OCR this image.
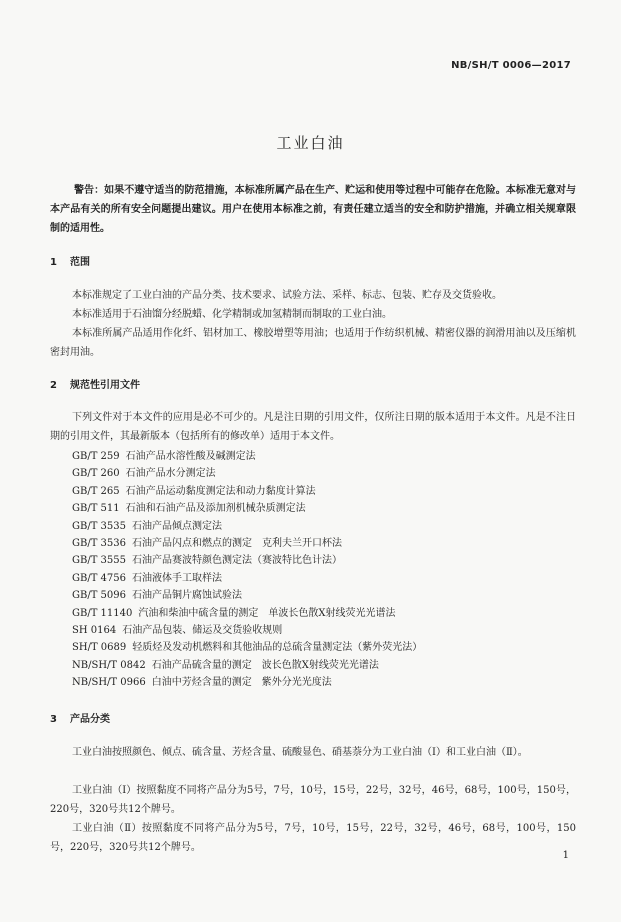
NB/SH/T 0006—2017
工业白油
警告：如果不遵守适当的防范措施，本标准所属产品在生产、贮运和使用等过程中可能存在危险。本标准无意对与本产品有关的所有安全问题提出建议。用户在使用本标准之前，有责任建立适当的安全和防护措施，并确立相关规章限制的适用性。
1 范围
本标准规定了工业白油的产品分类、技术要求、试验方法、采样、标志、包装、贮存及交货验收。
本标准适用于石油馏分经脱蜡、化学精制或加氢精制而制取的工业白油。
本标准所属产品适用作化纤、铝材加工、橡胶增塑等用油；也适用于作纺织机械、精密仪器的润滑用油以及压缩机密封用油。
2 规范性引用文件
下列文件对于本文件的应用是必不可少的。凡是注日期的引用文件，仅所注日期的版本适用于本文件。凡是不注日期的引用文件，其最新版本（包括所有的修改单）适用于本文件。
GB/T 259 石油产品水溶性酸及碱测定法
GB/T 260 石油产品水分测定法
GB/T 265 石油产品运动黏度测定法和动力黏度计算法
GB/T 511 石油和石油产品及添加剂机械杂质测定法
GB/T 3535 石油产品倾点测定法
GB/T 3536 石油产品闪点和燃点的测定　克利夫兰开口杯法
GB/T 3555 石油产品赛波特颜色测定法（赛波特比色计法）
GB/T 4756 石油液体手工取样法
GB/T 5096 石油产品铜片腐蚀试验法
GB/T 11140 汽油和柴油中硫含量的测定　单波长色散X射线荧光光谱法
SH 0164 石油产品包装、储运及交货验收规则
SH/T 0689 轻质烃及发动机燃料和其他油品的总硫含量测定法（紫外荧光法）
NB/SH/T 0842 石油产品硫含量的测定　波长色散X射线荧光光谱法
NB/SH/T 0966 白油中芳烃含量的测定　紫外分光光度法
3 产品分类
工业白油按照颜色、倾点、硫含量、芳烃含量、硫酸显色、硝基萘分为工业白油（Ⅰ）和工业白油（Ⅱ）。
工业白油（Ⅰ）按照黏度不同将产品分为5号，7号，10号，15号，22号，32号，46号，68号，100号，150号，220号，320号共12个牌号。
工业白油（Ⅱ）按照黏度不同将产品分为5号，7号，10号，15号，22号，32号，46号，68号，100号，150号，220号，320号共12个牌号。
1
